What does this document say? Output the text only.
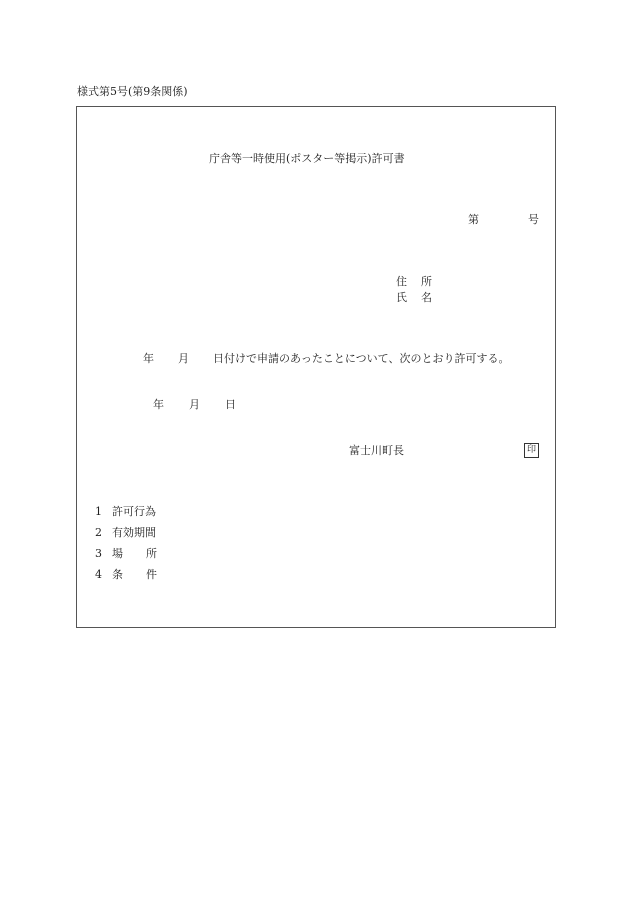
様式第5号(第9条関係)
庁舎等一時使用(ポスター等掲示)許可書
第	号
住 所
氏 名
年 月 日付けで申請のあったことについて、次のとおり許可する。
年 月 日
富士川町長	印
1 許可行為
2 有効期間
3 場 所
4 条 件
